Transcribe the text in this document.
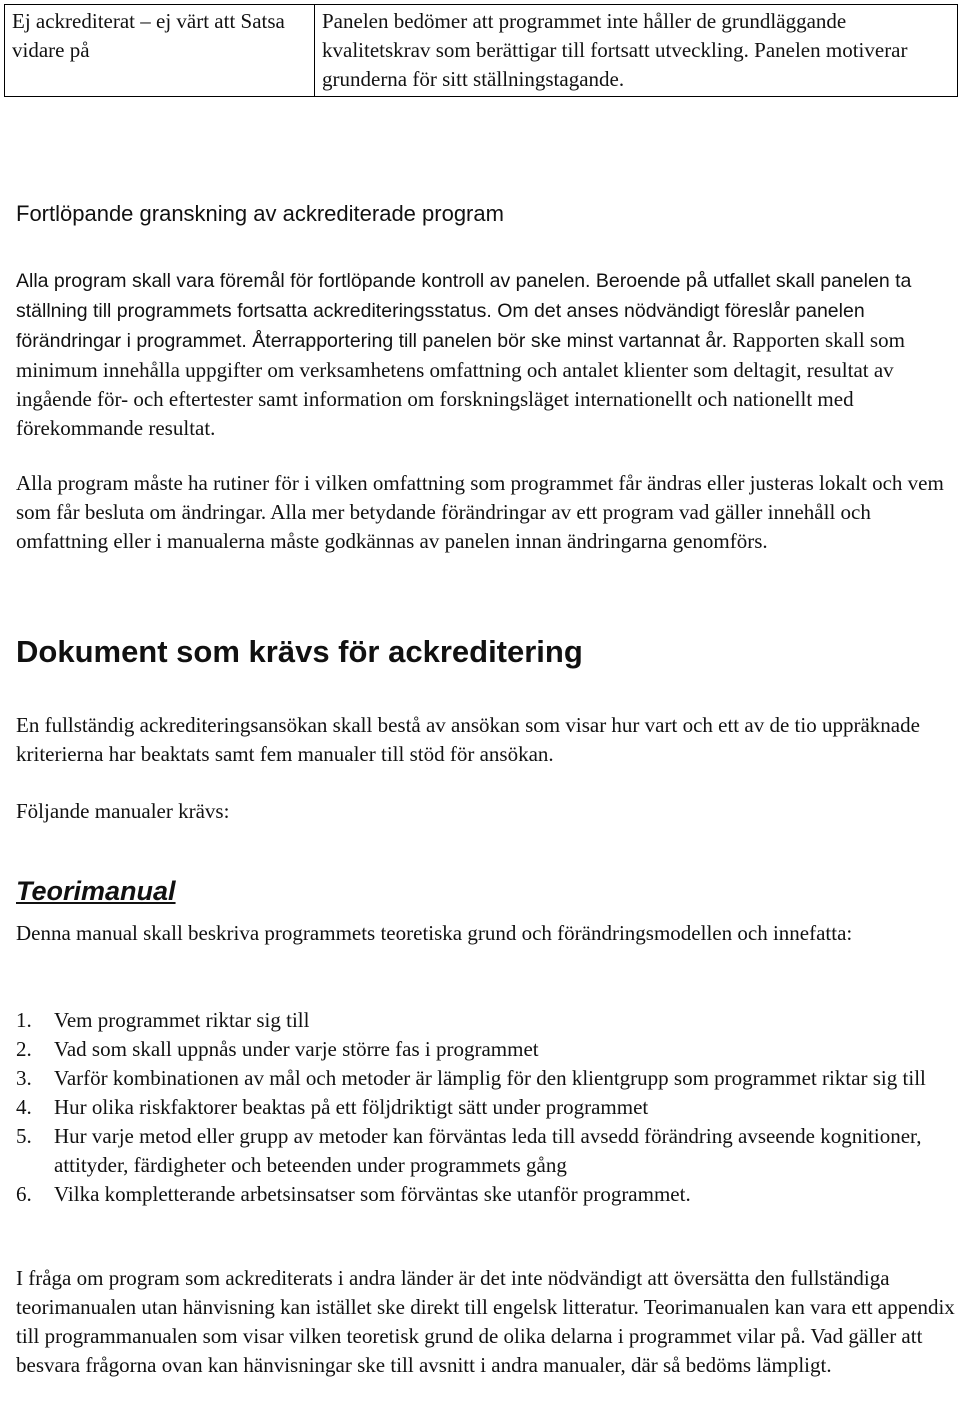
Ej ackrediterat – ej värt att Satsa vidare på	Panelen bedömer att programmet inte håller de grundläggande kvalitetskrav som berättigar till fortsatt utveckling. Panelen motiverar grunderna för sitt ställningstagande.
Fortlöpande granskning av ackrediterade program

Alla program skall vara föremål för fortlöpande kontroll av panelen. Beroende på utfallet skall panelen ta ställning till programmets fortsatta ackrediteringsstatus. Om det anses nödvändigt föreslår panelen förändringar i programmet. Återrapportering till panelen bör ske minst vartannat år. Rapporten skall som minimum innehålla uppgifter om verksamhetens omfattning och antalet klienter som deltagit, resultat av ingående för- och eftertester samt information om forskningsläget internationellt och nationellt med förekommande resultat.

Alla program måste ha rutiner för i vilken omfattning som programmet får ändras eller justeras lokalt och vem som får besluta om ändringar. Alla mer betydande förändringar av ett program vad gäller innehåll och omfattning eller i manualerna måste godkännas av panelen innan ändringarna genomförs.

Dokument som krävs för ackreditering

En fullständig ackrediteringsansökan skall bestå av ansökan som visar hur vart och ett av de tio uppräknade kriterierna har beaktats samt fem manualer till stöd för ansökan.

Följande manualer krävs:

Teorimanual

Denna manual skall beskriva programmets teoretiska grund och förändringsmodellen och innefatta:

1. Vem programmet riktar sig till
2. Vad som skall uppnås under varje större fas i programmet
3. Varför kombinationen av mål och metoder är lämplig för den klientgrupp som programmet riktar sig till
4. Hur olika riskfaktorer beaktas på ett följdriktigt sätt under programmet
5. Hur varje metod eller grupp av metoder kan förväntas leda till avsedd förändring avseende kognitioner, attityder, färdigheter och beteenden under programmets gång
6. Vilka kompletterande arbetsinsatser som förväntas ske utanför programmet.

I fråga om program som ackrediterats i andra länder är det inte nödvändigt att översätta den fullständiga teorimanualen utan hänvisning kan istället ske direkt till engelsk litteratur. Teorimanualen kan vara ett appendix till programmanualen som visar vilken teoretisk grund de olika delarna i programmet vilar på. Vad gäller att besvara frågorna ovan kan hänvisningar ske till avsnitt i andra manualer, där så bedöms lämpligt.
